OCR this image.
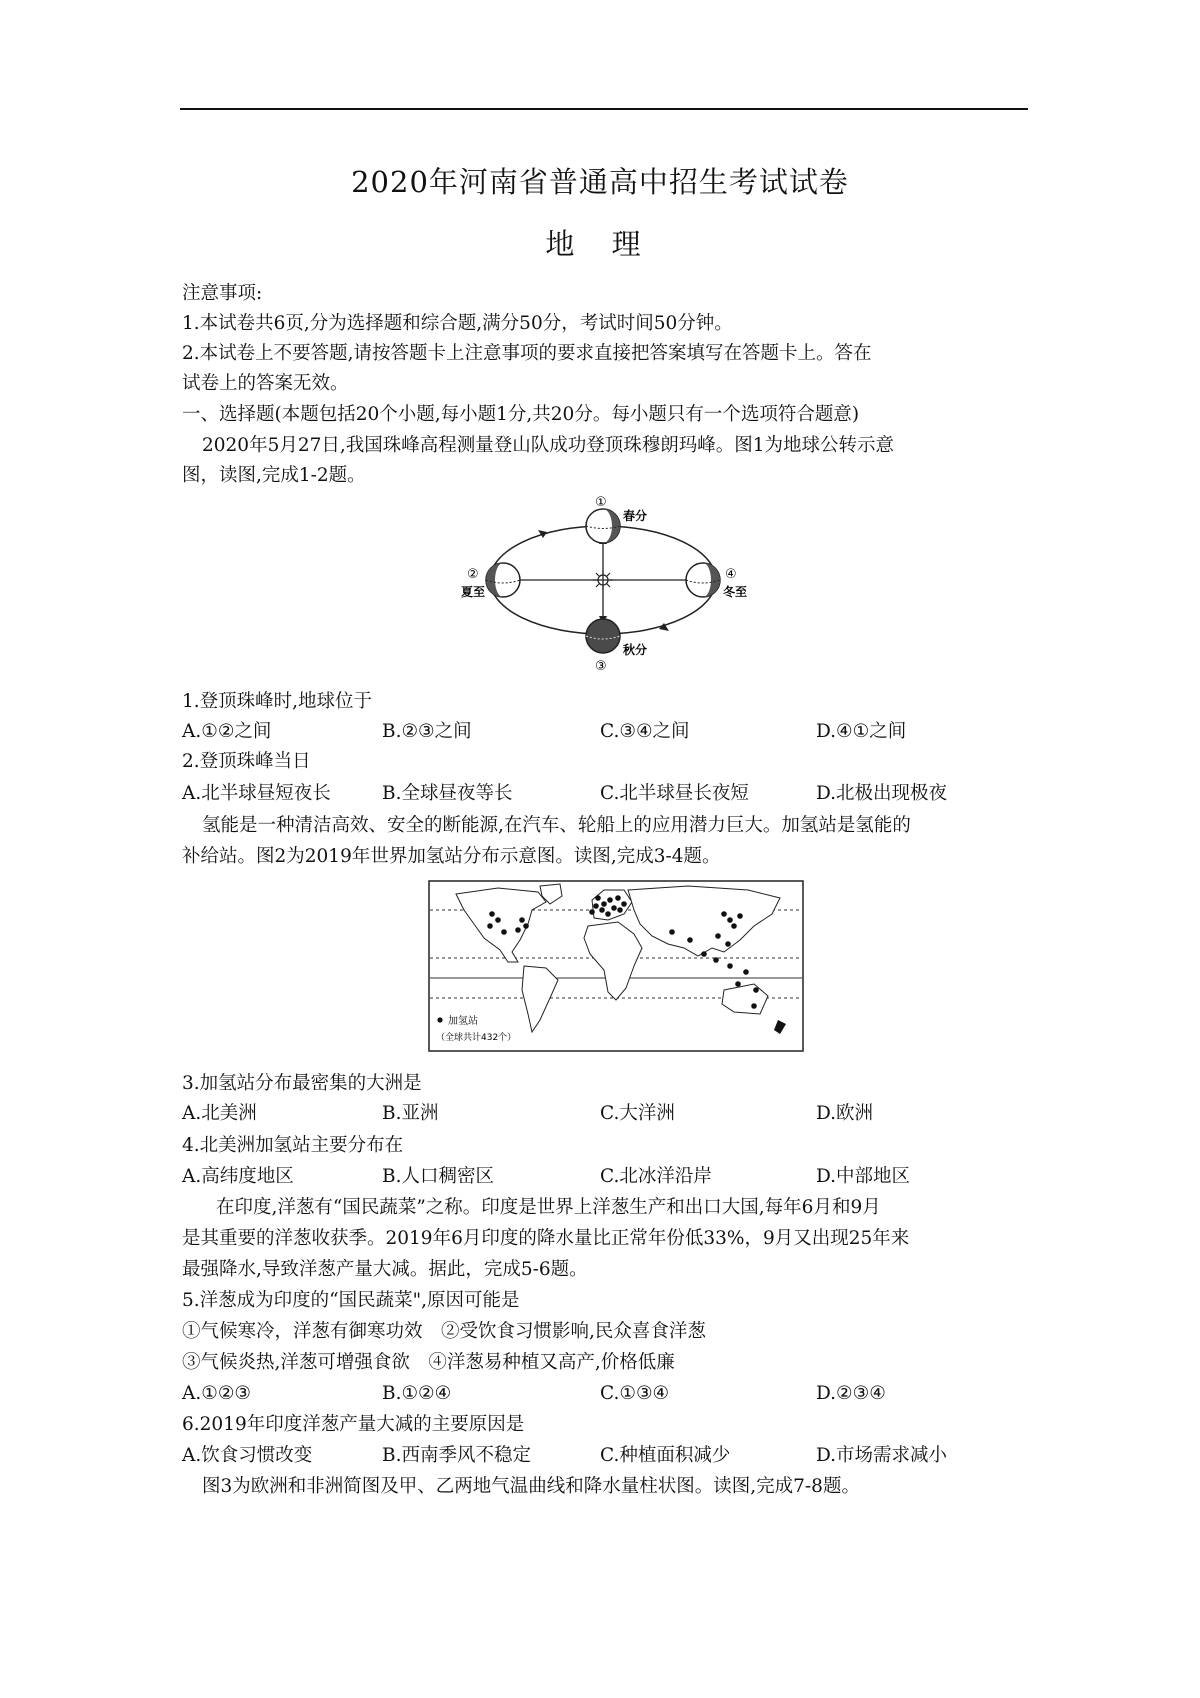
2020年河南省普通高中招生考试试卷
地 理
注意事项:
1.本试卷共6页,分为选择题和综合题,满分50分，考试时间50分钟。
2.本试卷上不要答题,请按答题卡上注意事项的要求直接把答案填写在答题卡上。答在
试卷上的答案无效。
一、选择题(本题包括20个小题,每小题1分,共20分。每小题只有一个选项符合题意)
2020年5月27日,我国珠峰高程测量登山队成功登顶珠穆朗玛峰。图1为地球公转示意
图，读图,完成1-2题。
①
春分
②
夏至
③
秋分
④
冬至
1.登顶珠峰时,地球位于
A.①②之间	B.②③之间	C.③④之间	D.④①之间
2.登顶珠峰当日
A.北半球昼短夜长	B.全球昼夜等长	C.北半球昼长夜短	D.北极出现极夜
氢能是一种清洁高效、安全的断能源,在汽车、轮船上的应用潜力巨大。加氢站是氢能的
补给站。图2为2019年世界加氢站分布示意图。读图,完成3-4题。
加氢站
（全球共计432个）
3.加氢站分布最密集的大洲是
A.北美洲	B.亚洲	C.大洋洲	D.欧洲
4.北美洲加氢站主要分布在
A.高纬度地区	B.人口稠密区	C.北冰洋沿岸	D.中部地区
在印度,洋葱有“国民蔬菜”之称。印度是世界上洋葱生产和出口大国,每年6月和9月
是其重要的洋葱收获季。2019年6月印度的降水量比正常年份低33%，9月又出现25年来
最强降水,导致洋葱产量大减。据此，完成5-6题。
5.洋葱成为印度的“国民蔬菜",原因可能是
①气候寒冷，洋葱有御寒功效　②受饮食习惯影响,民众喜食洋葱
③气候炎热,洋葱可增强食欲　④洋葱易种植又高产,价格低廉
A.①②③	B.①②④	C.①③④	D.②③④
6.2019年印度洋葱产量大减的主要原因是
A.饮食习惯改变	B.西南季风不稳定	C.种植面积减少	D.市场需求减小
图3为欧洲和非洲简图及甲、乙两地气温曲线和降水量柱状图。读图,完成7-8题。
